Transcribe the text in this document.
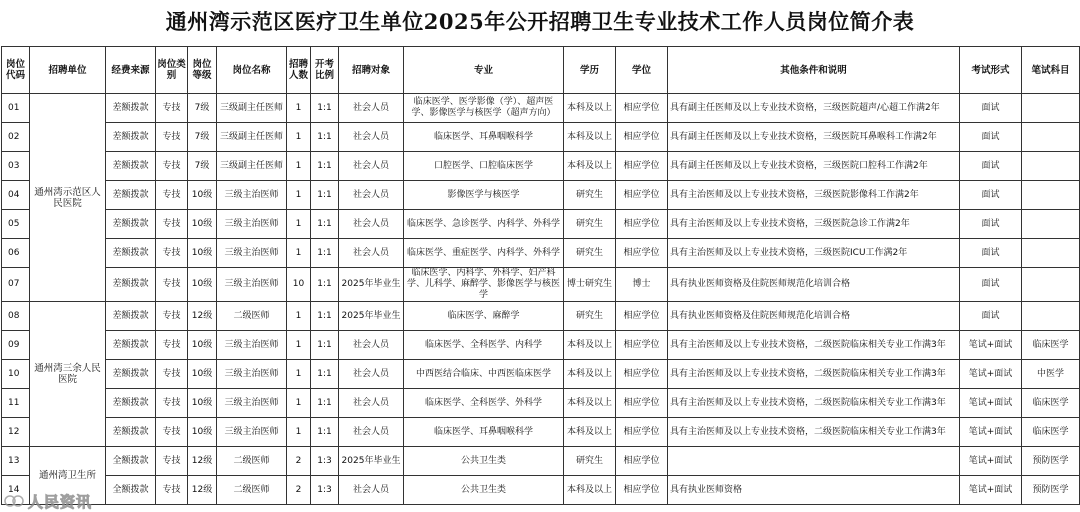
通州湾示范区医疗卫生单位2025年公开招聘卫生专业技术工作人员岗位简介表
岗位代码	招聘单位	经费来源	岗位类别	岗位等级	岗位名称	招聘人数	开考比例	招聘对象	专业	学历	学位	其他条件和说明	考试形式	笔试科目
01	通州湾示范区人民医院	差额拨款	专技	7级	三级副主任医师	1	1:1	社会人员	临床医学、医学影像（学）、超声医学、影像医学与核医学（超声方向）	本科及以上	相应学位	具有副主任医师及以上专业技术资格，三级医院超声/心超工作满2年	面试	
02		差额拨款	专技	7级	三级副主任医师	1	1:1	社会人员	临床医学、耳鼻咽喉科学	本科及以上	相应学位	具有副主任医师及以上专业技术资格，三级医院耳鼻喉科工作满2年	面试	
03		差额拨款	专技	7级	三级副主任医师	1	1:1	社会人员	口腔医学、口腔临床医学	本科及以上	相应学位	具有副主任医师及以上专业技术资格，三级医院口腔科工作满2年	面试	
04		差额拨款	专技	10级	三级主治医师	1	1:1	社会人员	影像医学与核医学	研究生	相应学位	具有主治医师及以上专业技术资格，三级医院影像科工作满2年	面试	
05		差额拨款	专技	10级	三级主治医师	1	1:1	社会人员	临床医学、急诊医学、内科学、外科学	研究生	相应学位	具有主治医师及以上专业技术资格，三级医院急诊工作满2年	面试	
06		差额拨款	专技	10级	三级主治医师	1	1:1	社会人员	临床医学、重症医学、内科学、外科学	研究生	相应学位	具有主治医师及以上专业技术资格，三级医院ICU工作满2年	面试	
07		差额拨款	专技	10级	三级主治医师	10	1:1	2025年毕业生	临床医学、内科学、外科学、妇产科学、儿科学、麻醉学、影像医学与核医学	博士研究生	博士	具有执业医师资格及住院医师规范化培训合格	面试	
08	通州湾三余人民医院	差额拨款	专技	12级	二级医师	1	1:1	2025年毕业生	临床医学、麻醉学	研究生	相应学位	具有执业医师资格及住院医师规范化培训合格	面试	
09		差额拨款	专技	10级	三级主治医师	1	1:1	社会人员	临床医学、全科医学、内科学	本科及以上	相应学位	具有主治医师及以上专业技术资格，二级医院临床相关专业工作满3年	笔试+面试	临床医学
10		差额拨款	专技	10级	三级主治医师	1	1:1	社会人员	中西医结合临床、中西医临床医学	本科及以上	相应学位	具有主治医师及以上专业技术资格，二级医院临床相关专业工作满3年	笔试+面试	中医学
11		差额拨款	专技	10级	三级主治医师	1	1:1	社会人员	临床医学、全科医学、外科学	本科及以上	相应学位	具有主治医师及以上专业技术资格，二级医院临床相关专业工作满3年	笔试+面试	临床医学
12		差额拨款	专技	10级	三级主治医师	1	1:1	社会人员	临床医学、耳鼻咽喉科学	本科及以上	相应学位	具有主治医师及以上专业技术资格，二级医院临床相关专业工作满3年	笔试+面试	临床医学
13	通州湾卫生所	全额拨款	专技	12级	二级医师	2	1:3	2025年毕业生	公共卫生类	研究生	相应学位		笔试+面试	预防医学
14		全额拨款	专技	12级	二级医师	2	1:3	社会人员	公共卫生类	本科及以上	相应学位	具有执业医师资格	笔试+面试	预防医学
人民资讯
